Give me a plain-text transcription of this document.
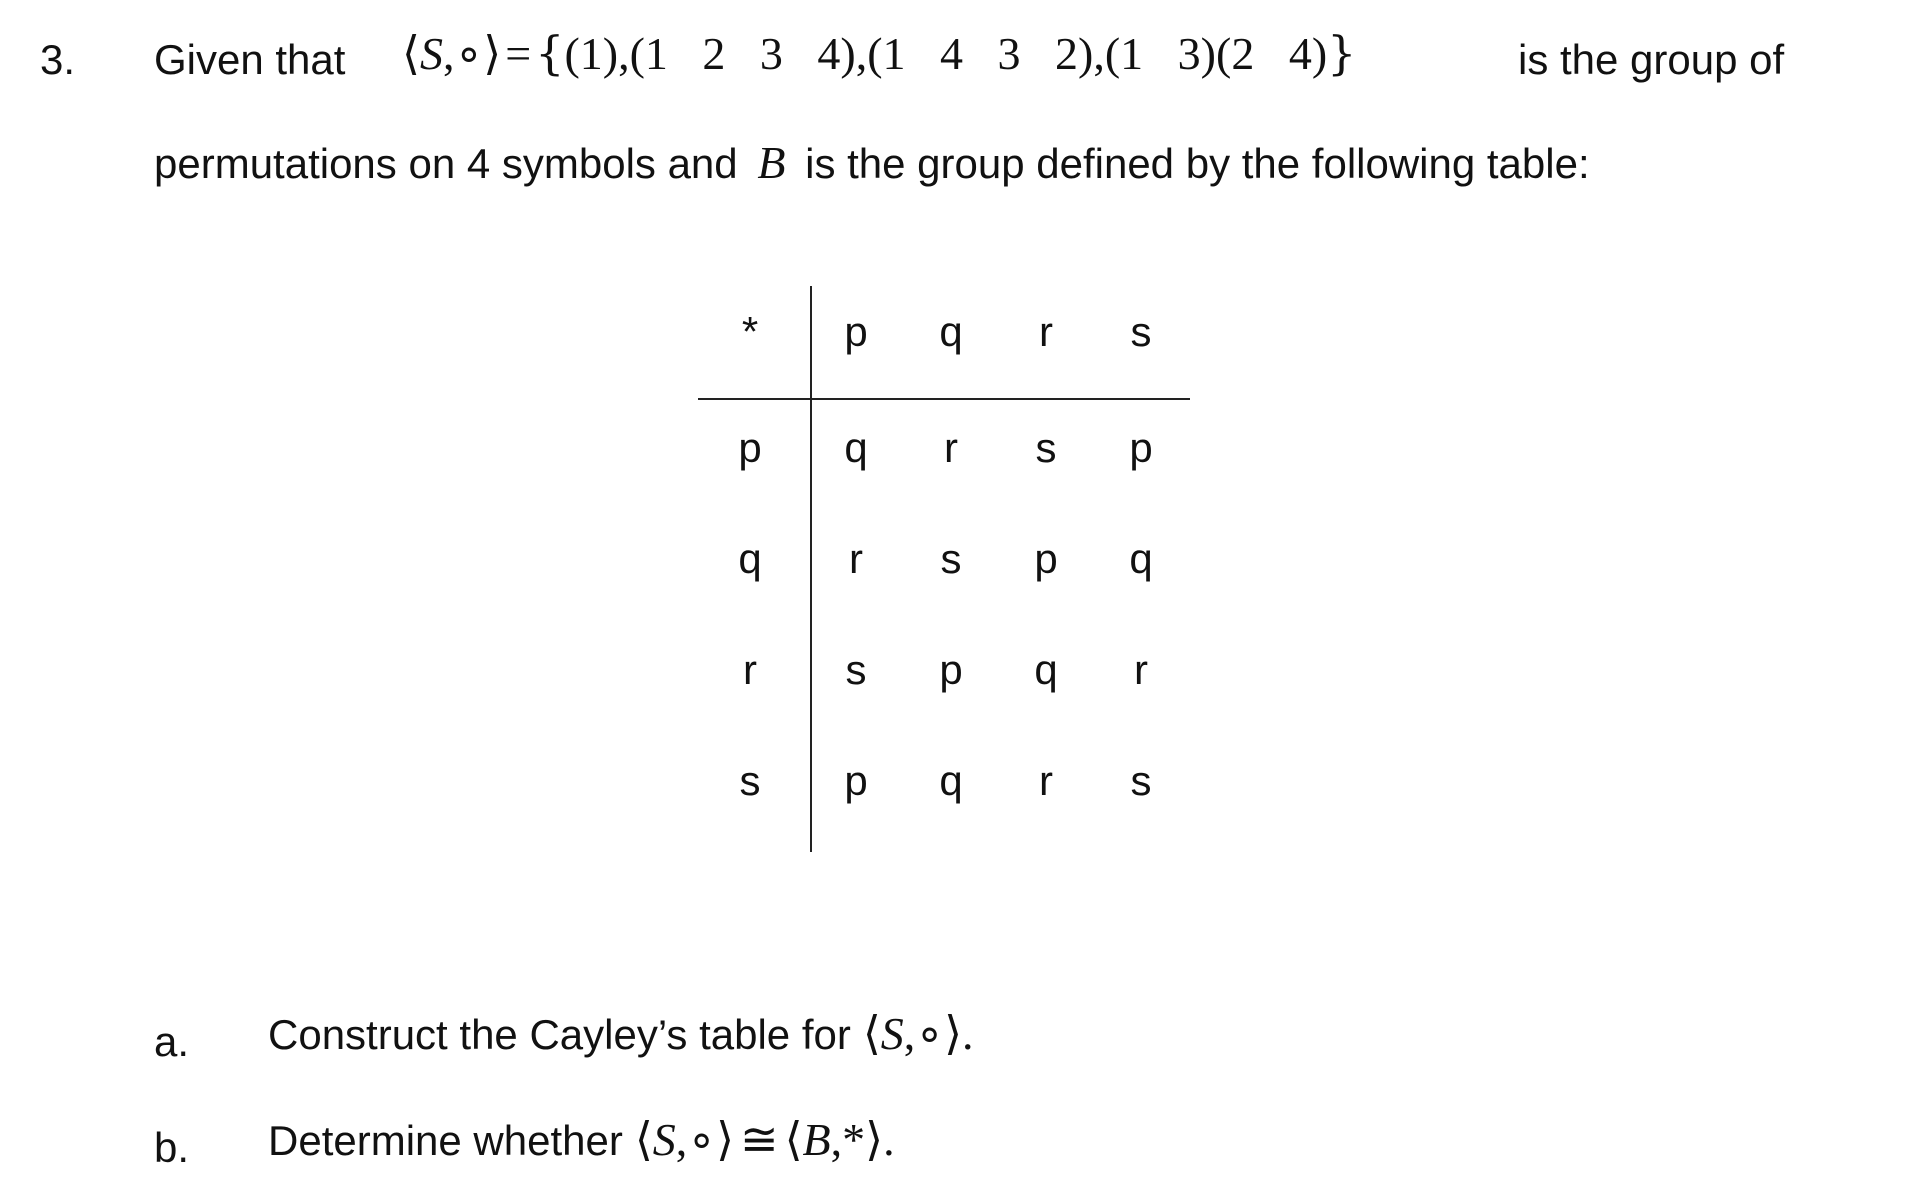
3. Given that ⟨S,∘⟩={(1),(1   2   3   4),(1   4   3   2),(1   3)(2   4)}	is the group of
permutations on 4 symbols and B is the group defined by the following table:
*	p	q	r	s
p	q	r	s	p
q	r	s	p	q
r	s	p	q	r
s	p	q	r	s
a. Construct the Cayley’s table for ⟨S,∘⟩.
b. Determine whether ⟨S,∘⟩ ≅ ⟨B,*⟩.
